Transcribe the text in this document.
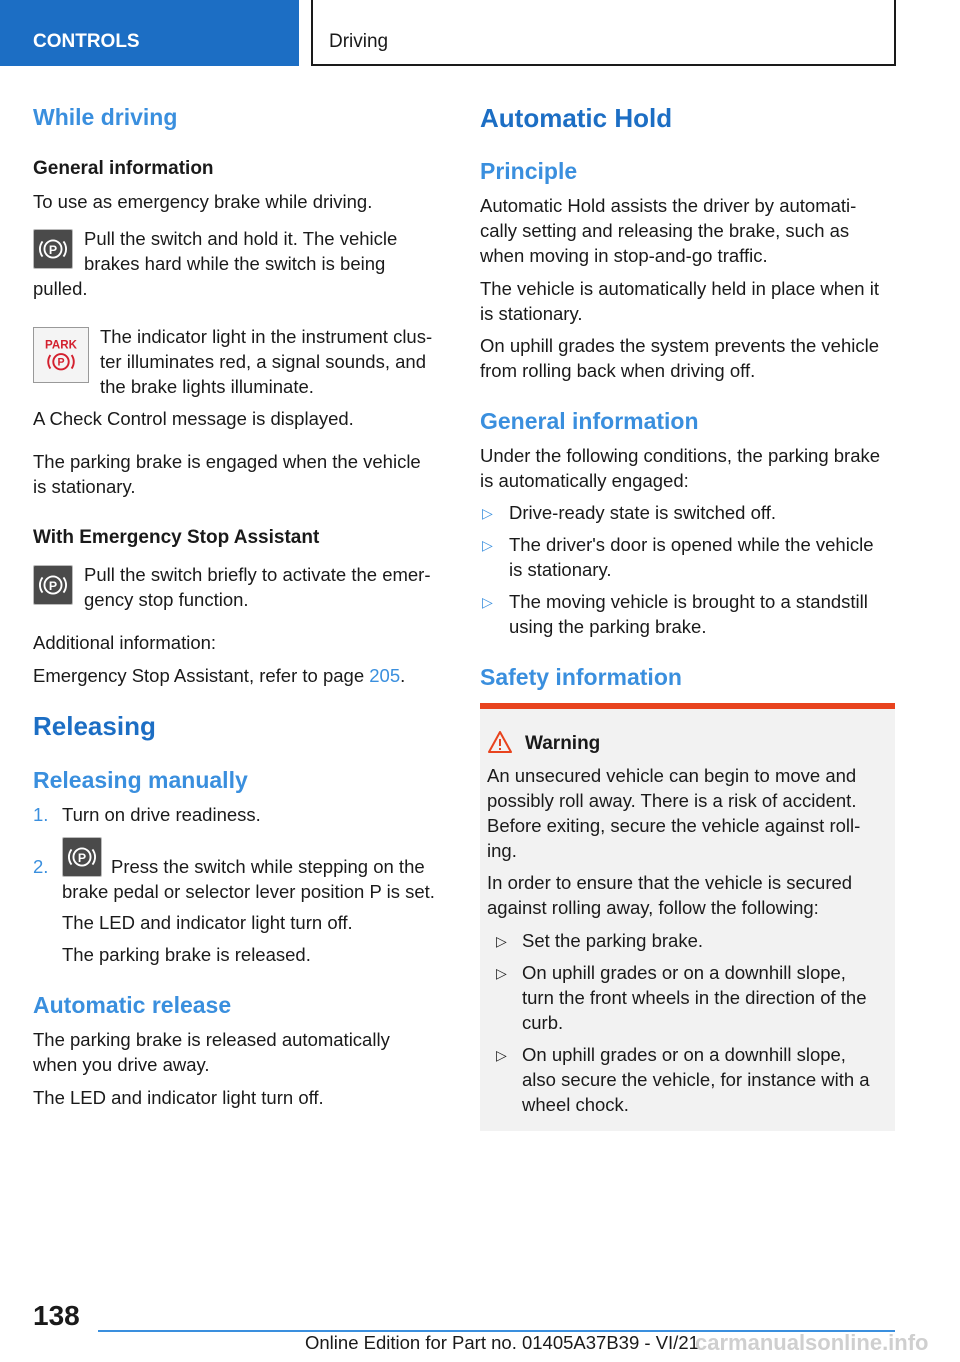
CONTROLS	Driving
While driving
General information
To use as emergency brake while driving.
P
Pull the switch and hold it. The vehicle
brakes hard while the switch is being
pulled.
PARK
P
The indicator light in the instrument clus-
ter illuminates red, a signal sounds, and
the brake lights illuminate.
A Check Control message is displayed.
The parking brake is engaged when the vehicle
is stationary.
With Emergency Stop Assistant
P
Pull the switch briefly to activate the emer-
gency stop function.
Additional information:
Emergency Stop Assistant, refer to page 205.
Releasing
Releasing manually
1. Turn on drive readiness.
2. P Press the switch while stepping on the
brake pedal or selector lever position P is set.
The LED and indicator light turn off.
The parking brake is released.
Automatic release
The parking brake is released automatically
when you drive away.
The LED and indicator light turn off.
Automatic Hold
Principle
Automatic Hold assists the driver by automati-
cally setting and releasing the brake, such as
when moving in stop-and-go traffic.
The vehicle is automatically held in place when it
is stationary.
On uphill grades the system prevents the vehicle
from rolling back when driving off.
General information
Under the following conditions, the parking brake
is automatically engaged:
▷ Drive-ready state is switched off.
▷ The driver's door is opened while the vehicle
is stationary.
▷ The moving vehicle is brought to a standstill
using the parking brake.
Safety information
Warning
An unsecured vehicle can begin to move and
possibly roll away. There is a risk of accident.
Before exiting, secure the vehicle against roll-
ing.
In order to ensure that the vehicle is secured
against rolling away, follow the following:
▷ Set the parking brake.
▷ On uphill grades or on a downhill slope,
turn the front wheels in the direction of the
curb.
▷ On uphill grades or on a downhill slope,
also secure the vehicle, for instance with a
wheel chock.
138
Online Edition for Part no. 01405A37B39 - VI/21
carmanualsonline.info
